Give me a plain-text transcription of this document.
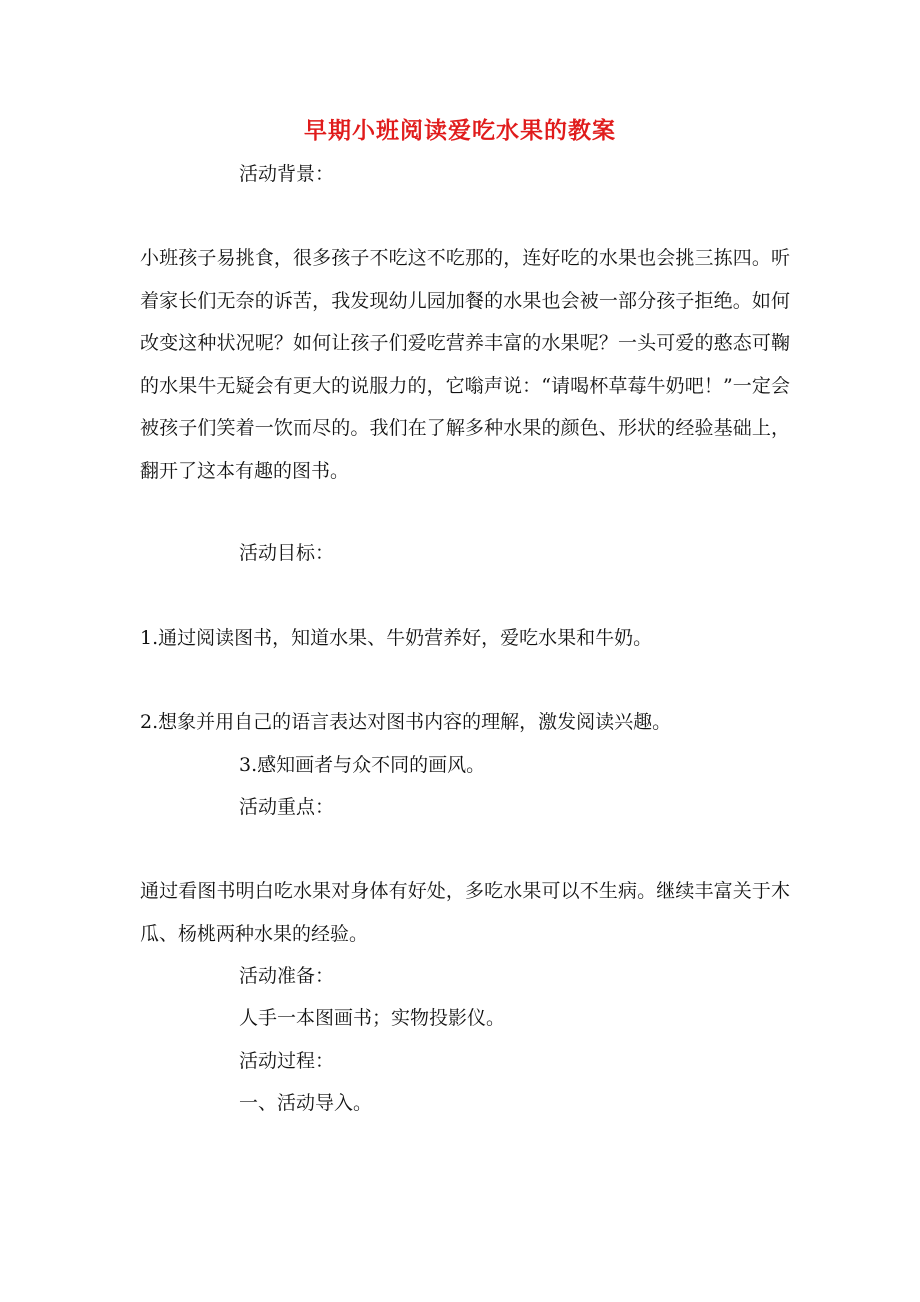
早期小班阅读爱吃水果的教案

活动背景：

小班孩子易挑食，很多孩子不吃这不吃那的，连好吃的水果也会挑三拣四。听着家长们无奈的诉苦，我发现幼儿园加餐的水果也会被一部分孩子拒绝。如何改变这种状况呢？如何让孩子们爱吃营养丰富的水果呢？一头可爱的憨态可鞠的水果牛无疑会有更大的说服力的，它嗡声说：“请喝杯草莓牛奶吧！”一定会被孩子们笑着一饮而尽的。我们在了解多种水果的颜色、形状的经验基础上，翻开了这本有趣的图书。

活动目标：

1.通过阅读图书，知道水果、牛奶营养好，爱吃水果和牛奶。

2.想象并用自己的语言表达对图书内容的理解，激发阅读兴趣。

3.感知画者与众不同的画风。

活动重点：

通过看图书明白吃水果对身体有好处，多吃水果可以不生病。继续丰富关于木瓜、杨桃两种水果的经验。

活动准备：

人手一本图画书；实物投影仪。

活动过程：

一、活动导入。
